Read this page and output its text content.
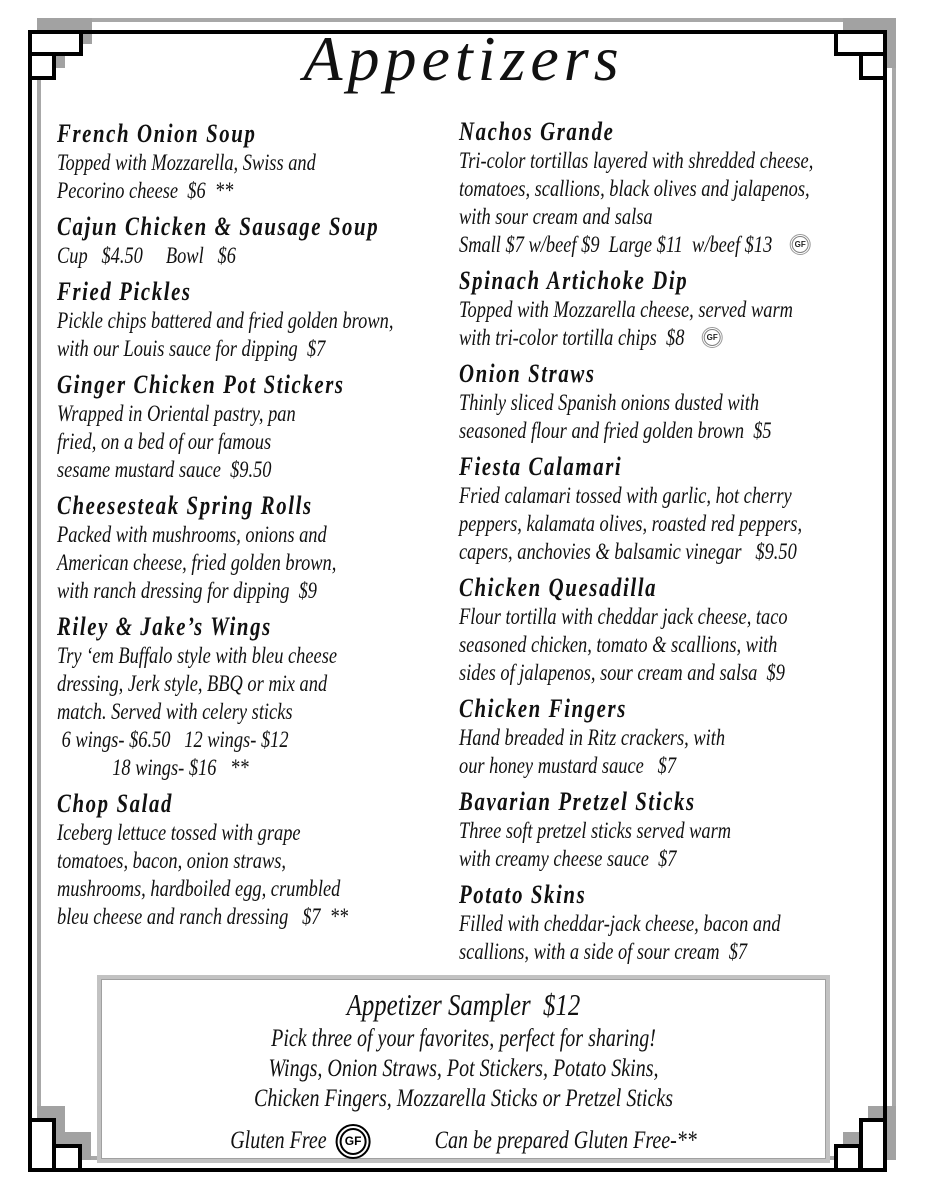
Appetizers
French Onion Soup
Topped with Mozzarella, Swiss and
Pecorino cheese  $6  **
Cajun Chicken & Sausage Soup
Cup   $4.50     Bowl   $6
Fried Pickles
Pickle chips battered and fried golden brown,
with our Louis sauce for dipping  $7
Ginger Chicken Pot Stickers
Wrapped in Oriental pastry, pan
fried, on a bed of our famous
sesame mustard sauce  $9.50
Cheesesteak Spring Rolls
Packed with mushrooms, onions and
American cheese, fried golden brown,
with ranch dressing for dipping  $9
Riley & Jake’s Wings
Try ‘em Buffalo style with bleu cheese
dressing, Jerk style, BBQ or mix and
match. Served with celery sticks
6 wings- $6.50   12 wings- $12
18 wings- $16   **
Chop Salad
Iceberg lettuce tossed with grape
tomatoes, bacon, onion straws,
mushrooms, hardboiled egg, crumbled
bleu cheese and ranch dressing   $7  **
Nachos Grande
Tri-color tortillas layered with shredded cheese,
tomatoes, scallions, black olives and jalapenos,
with sour cream and salsa
Small $7 w/beef $9  Large $11  w/beef $13	GF
Spinach Artichoke Dip
Topped with Mozzarella cheese, served warm
with tri-color tortilla chips  $8	GF
Onion Straws
Thinly sliced Spanish onions dusted with
seasoned flour and fried golden brown  $5
Fiesta Calamari
Fried calamari tossed with garlic, hot cherry
peppers, kalamata olives, roasted red peppers,
capers, anchovies & balsamic vinegar   $9.50
Chicken Quesadilla
Flour tortilla with cheddar jack cheese, taco
seasoned chicken, tomato & scallions, with
sides of jalapenos, sour cream and salsa  $9
Chicken Fingers
Hand breaded in Ritz crackers, with
our honey mustard sauce   $7
Bavarian Pretzel Sticks
Three soft pretzel sticks served warm
with creamy cheese sauce  $7
Potato Skins
Filled with cheddar-jack cheese, bacon and
scallions, with a side of sour cream  $7
Appetizer Sampler  $12
Pick three of your favorites, perfect for sharing!
Wings, Onion Straws, Pot Stickers, Potato Skins,
Chicken Fingers, Mozzarella Sticks or Pretzel Sticks
Gluten Free GF	Can be prepared Gluten Free-**
